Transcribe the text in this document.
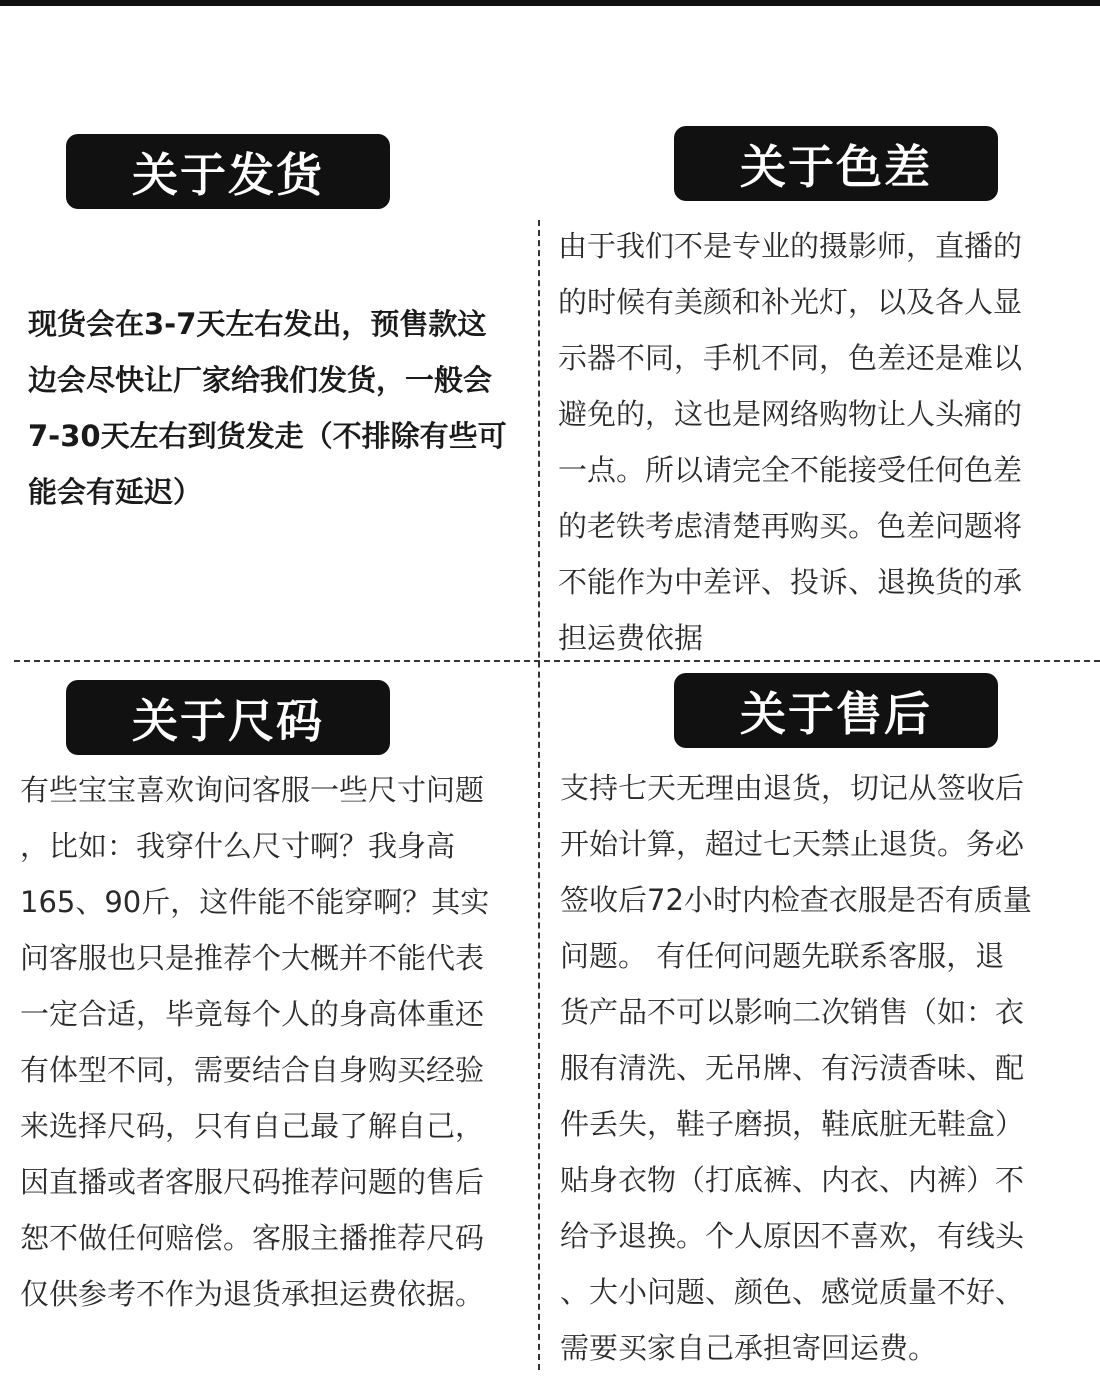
关于发货
现货会在3-7天左右发出，预售款这
边会尽快让厂家给我们发货，一般会
7-30天左右到货发走（不排除有些可
能会有延迟）
关于色差
由于我们不是专业的摄影师，直播的
的时候有美颜和补光灯，以及各人显
示器不同，手机不同，色差还是难以
避免的，这也是网络购物让人头痛的
一点。所以请完全不能接受任何色差
的老铁考虑清楚再购买。色差问题将
不能作为中差评、投诉、退换货的承
担运费依据
关于尺码
有些宝宝喜欢询问客服一些尺寸问题
，比如：我穿什么尺寸啊？我身高
165、90斤，这件能不能穿啊？其实
问客服也只是推荐个大概并不能代表
一定合适，毕竟每个人的身高体重还
有体型不同，需要结合自身购买经验
来选择尺码，只有自己最了解自己，
因直播或者客服尺码推荐问题的售后
恕不做任何赔偿。客服主播推荐尺码
仅供参考不作为退货承担运费依据。
关于售后
支持七天无理由退货，切记从签收后
开始计算，超过七天禁止退货。务必
签收后72小时内检查衣服是否有质量
问题。 有任何问题先联系客服，退
货产品不可以影响二次销售（如：衣
服有清洗、无吊牌、有污渍香味、配
件丢失，鞋子磨损，鞋底脏无鞋盒）
贴身衣物（打底裤、内衣、内裤）不
给予退换。个人原因不喜欢，有线头
、大小问题、颜色、感觉质量不好、
需要买家自己承担寄回运费。
